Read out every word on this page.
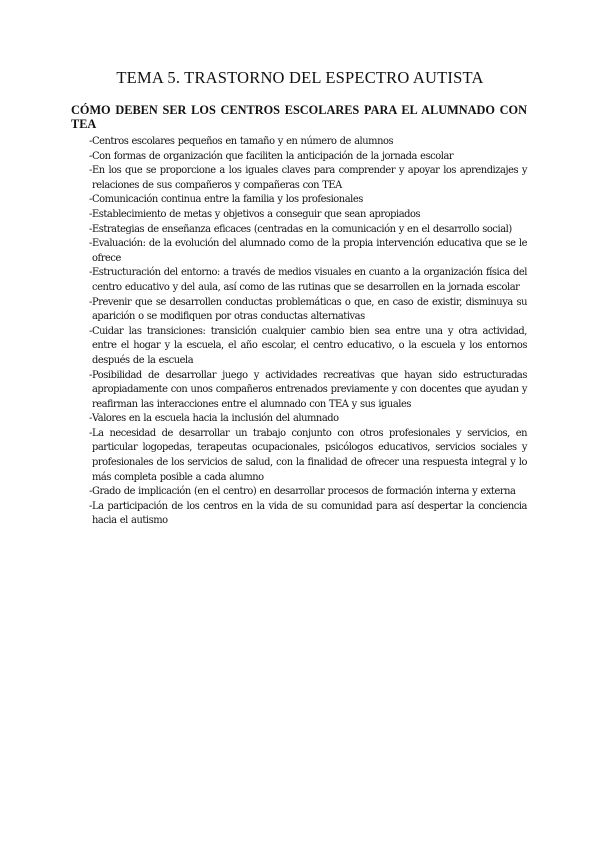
TEMA 5. TRASTORNO DEL ESPECTRO AUTISTA
CÓMO DEBEN SER LOS CENTROS ESCOLARES PARA EL ALUMNADO CON TEA
- Centros escolares pequeños en tamaño y en número de alumnos
- Con formas de organización que faciliten la anticipación de la jornada escolar
- En los que se proporcione a los iguales claves para comprender y apoyar los aprendizajes y relaciones de sus compañeros y compañeras con TEA
- Comunicación continua entre la familia y los profesionales
- Establecimiento de metas y objetivos a conseguir que sean apropiados
- Estrategias de enseñanza eficaces (centradas en la comunicación y en el desarrollo social)
- Evaluación: de la evolución del alumnado como de la propia intervención educativa que se le ofrece
- Estructuración del entorno: a través de medios visuales en cuanto a la organización física del centro educativo y del aula, así como de las rutinas que se desarrollen en la jornada escolar
- Prevenir que se desarrollen conductas problemáticas o que, en caso de existir, disminuya su aparición o se modifiquen por otras conductas alternativas
- Cuidar las transiciones: transición cualquier cambio bien sea entre una y otra actividad, entre el hogar y la escuela, el año escolar, el centro educativo, o la escuela y los entornos después de la escuela
- Posibilidad de desarrollar juego y actividades recreativas que hayan sido estructuradas apropiadamente con unos compañeros entrenados previamente y con docentes que ayudan y reafirman las interacciones entre el alumnado con TEA y sus iguales
- Valores en la escuela hacia la inclusión del alumnado
- La necesidad de desarrollar un trabajo conjunto con otros profesionales y servicios, en particular logopedas, terapeutas ocupacionales, psicólogos educativos, servicios sociales y profesionales de los servicios de salud, con la finalidad de ofrecer una respuesta integral y lo más completa posible a cada alumno
- Grado de implicación (en el centro) en desarrollar procesos de formación interna y externa
- La participación de los centros en la vida de su comunidad para así despertar la conciencia hacia el autismo
